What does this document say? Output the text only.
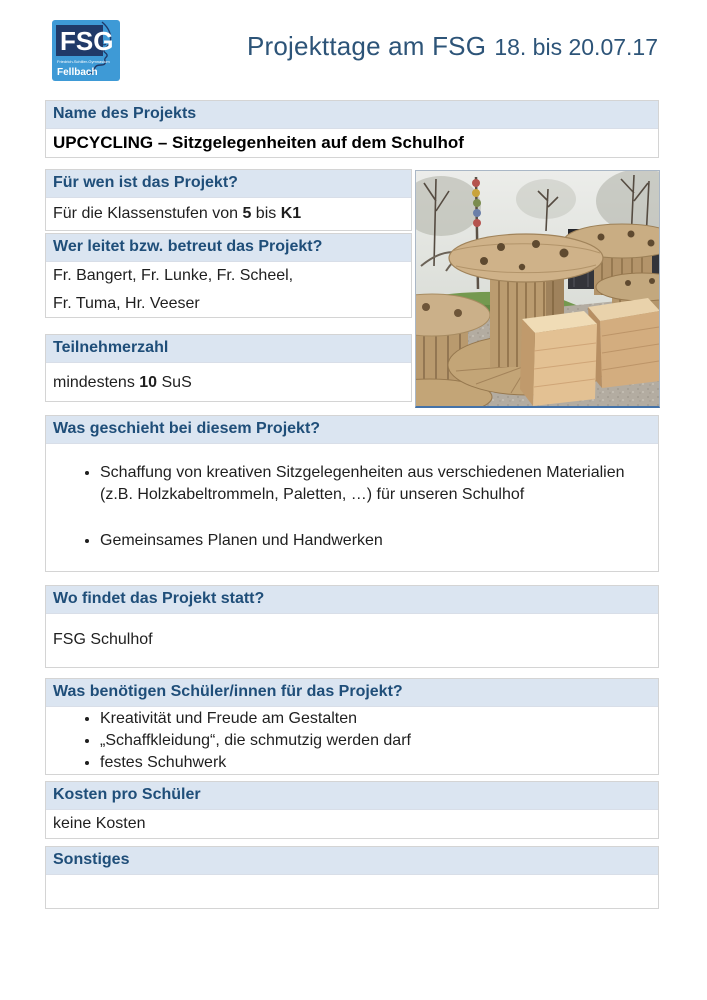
FSG
Friedrich-Schiller-Gymnasium
Fellbach
Projekttage am FSG 18. bis 20.07.17
Name des Projekts
UPCYCLING – Sitzgelegenheiten auf dem Schulhof
Für wen ist das Projekt?
Für die Klassenstufen von 5 bis K1
Wer leitet bzw. betreut das Projekt?
Fr. Bangert, Fr. Lunke, Fr. Scheel,
Fr. Tuma, Hr. Veeser
Teilnehmerzahl
mindestens 10 SuS
Was geschieht bei diesem Projekt?
• Schaffung von kreativen Sitzgelegenheiten aus verschiedenen Materialien (z.B. Holzkabeltrommeln, Paletten, …) für unseren Schulhof
• Gemeinsames Planen und Handwerken
Wo findet das Projekt statt?
FSG Schulhof
Was benötigen Schüler/innen für das Projekt?
• Kreativität und Freude am Gestalten
• „Schaffkleidung“, die schmutzig werden darf
• festes Schuhwerk
Kosten pro Schüler
keine Kosten
Sonstiges
